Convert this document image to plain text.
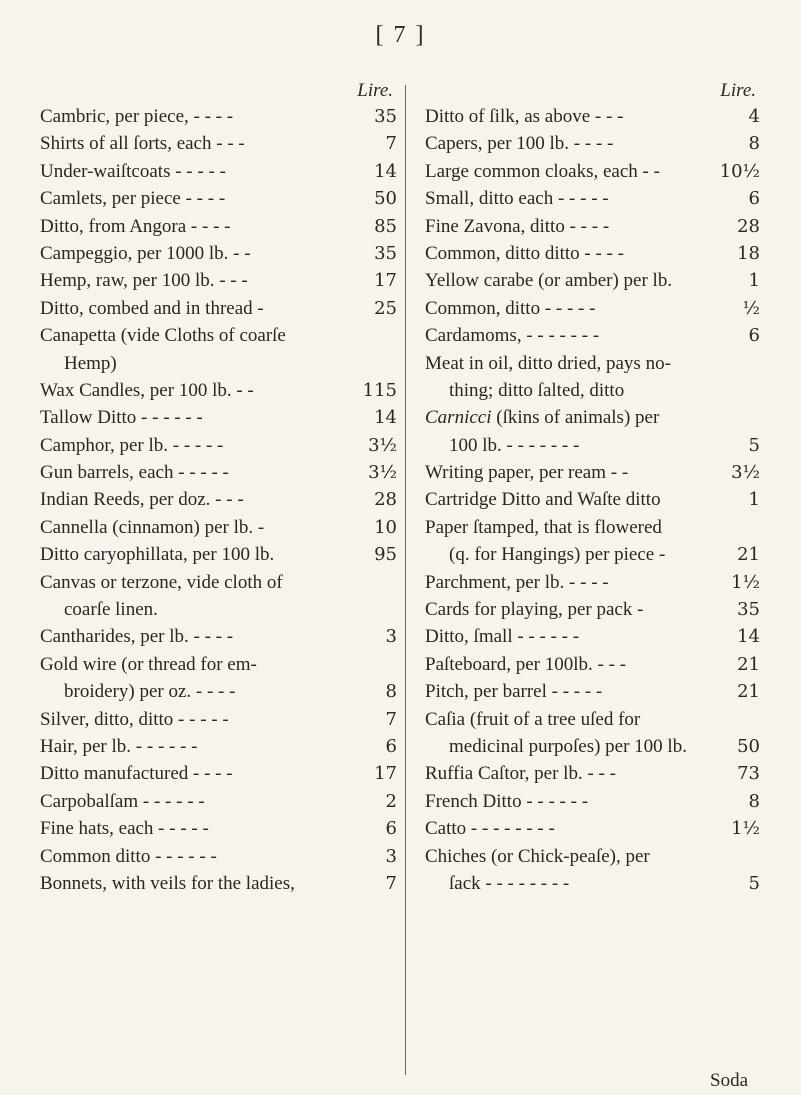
[ 7 ]
Lire.
Cambric, per piece, - - - -	35
Shirts of all ſorts, each - - -	7
Under-waiſtcoats - - - - -	14
Camlets, per piece - - - -	50
Ditto, from Angora - - - -	85
Campeggio, per 1000 lb. - -	35
Hemp, raw, per 100 lb. - - -	17
Ditto, combed and in thread -	25
Canapetta (vide Cloths of coarſe
Hemp)
Wax Candles, per 100 lb. - -	115
Tallow Ditto - - - - - -	14
Camphor, per lb. - - - - -	3½
Gun barrels, each - - - - -	3½
Indian Reeds, per doz. - - -	28
Cannella (cinnamon) per lb. -	10
Ditto caryophillata, per 100 lb.	95
Canvas or terzone, vide cloth of
coarſe linen.
Cantharides, per lb. - - - -	3
Gold wire (or thread for em-
broidery) per oz. - - - -	8
Silver, ditto, ditto - - - - -	7
Hair, per lb. - - - - - -	6
Ditto manufactured - - - -	17
Carpobalſam - - - - - -	2
Fine hats, each - - - - -	6
Common ditto - - - - - -	3
Bonnets, with veils for the ladies,	7
Lire.
Ditto of ſilk, as above - - -	4
Capers, per 100 lb. - - - -	8
Large common cloaks, each - -	10½
Small, ditto each - - - - -	6
Fine Zavona, ditto - - - -	28
Common, ditto ditto - - - -	18
Yellow carabe (or amber) per lb.	1
Common, ditto - - - - -	½
Cardamoms, - - - - - - -	6
Meat in oil, ditto dried, pays no-
thing; ditto ſalted, ditto
Carnicci (ſkins of animals) per
100 lb. - - - - - - -	5
Writing paper, per ream - -	3½
Cartridge Ditto and Waſte ditto	1
Paper ſtamped, that is flowered
(q. for Hangings) per piece -	21
Parchment, per lb. - - - -	1½
Cards for playing, per pack -	35
Ditto, ſmall - - - - - -	14
Paſteboard, per 100lb. - - -	21
Pitch, per barrel - - - - -	21
Caſia (fruit of a tree uſed for
medicinal purpoſes) per 100 lb.	50
Ruffia Caſtor, per lb. - - -	73
French Ditto - - - - - -	8
Catto - - - - - - - -	1½
Chiches (or Chick-peaſe), per
ſack - - - - - - - -	5
Soda
